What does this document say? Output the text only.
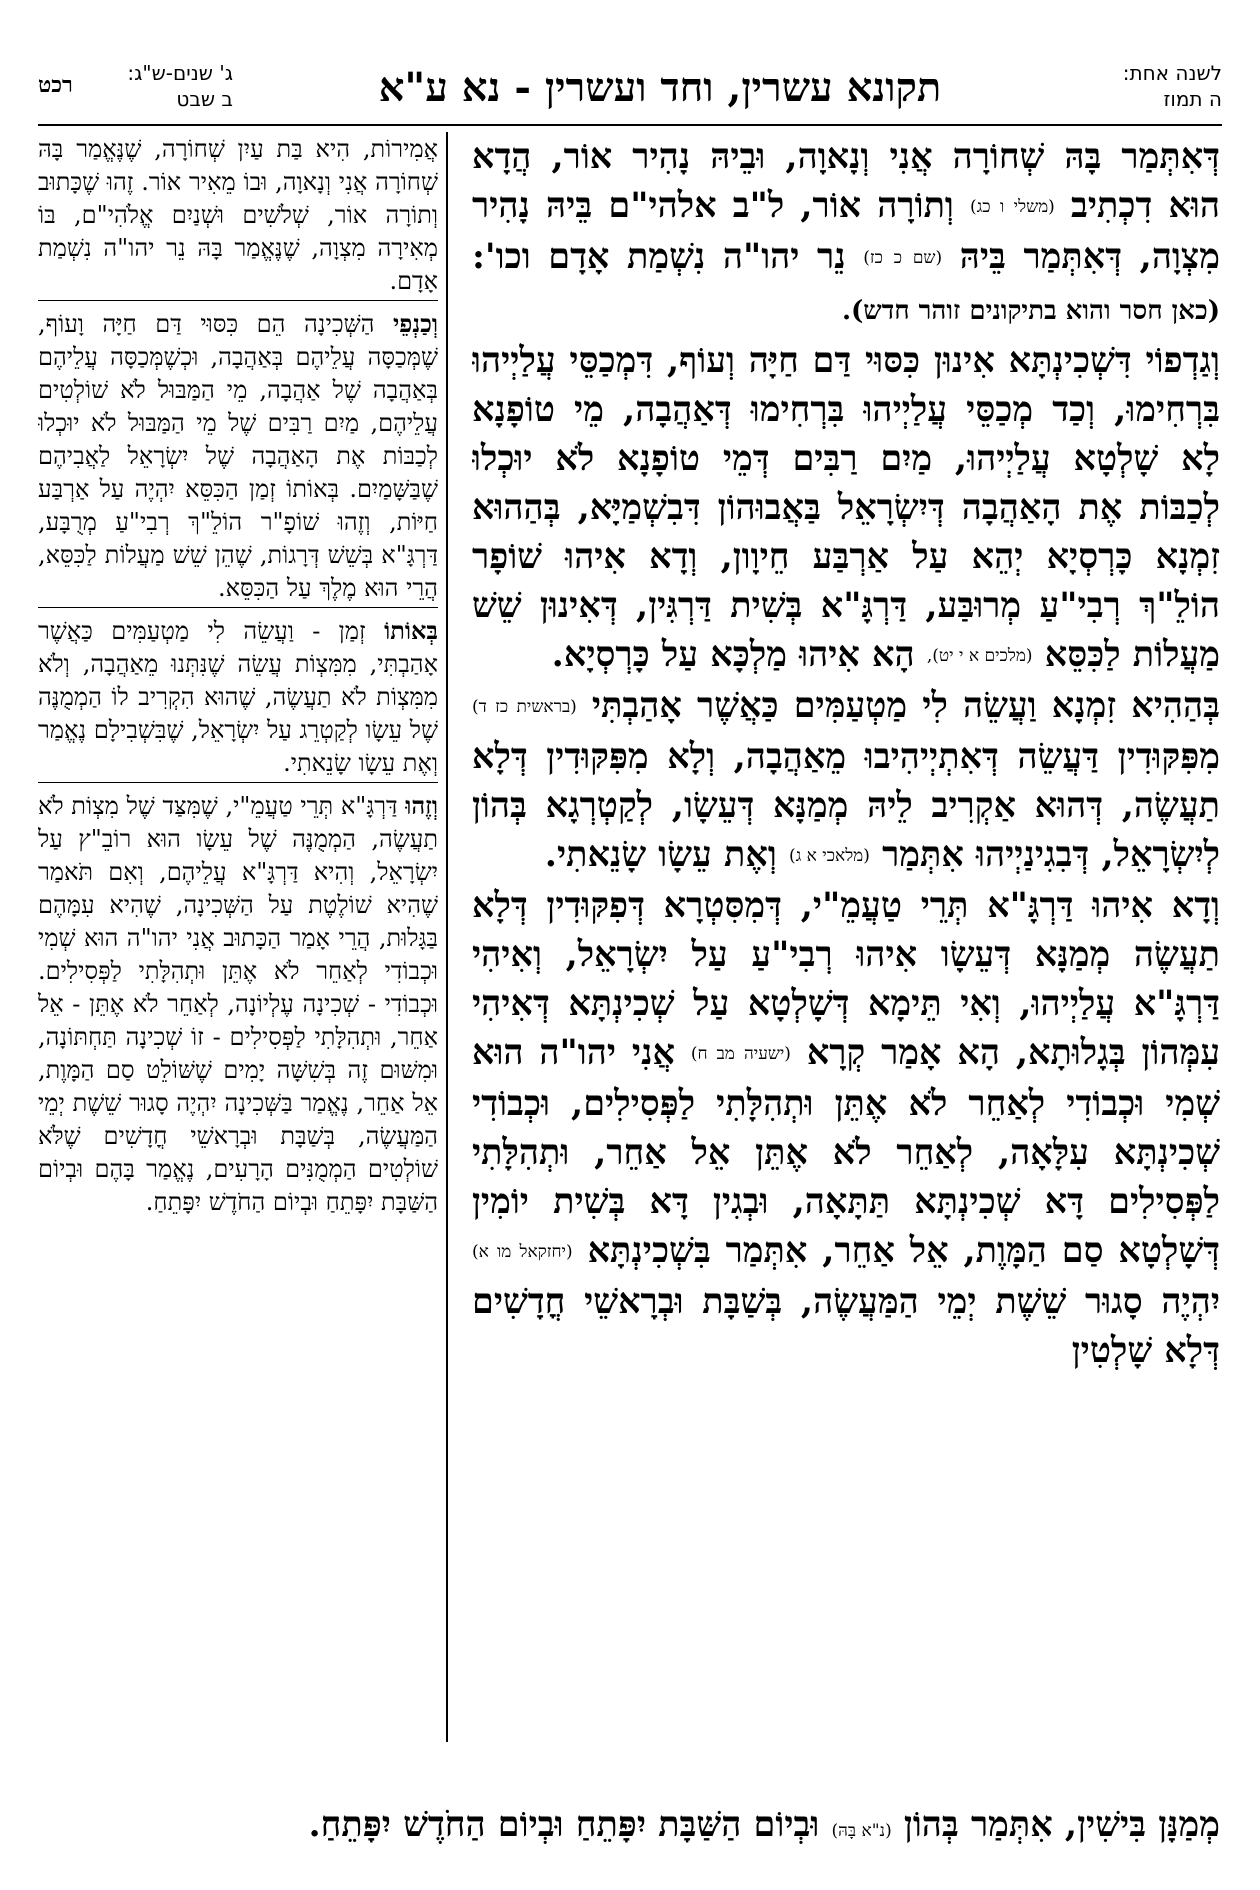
לשנה אחת:
ה תמוז
תקונא עשרין, וחד ועשרין - נא ע"א
ג' שנים-ש"ג:
ב שבט
רכט

דְּאִתְּמַר בָּהּ שְׁחוֹרָה אֲנִי וְנָאוָה, וּבֵיהּ נָהִיר אוֹר, הֲדָא הוּא דִכְתִיב (משלי ו כג) וְתוֹרָה אוֹר, ל"ב אלהי"ם בֵּיהּ נָהִיר מִצְוָה, דְּאִתְּמַר בֵּיהּ (שם כ כז) נֵר יהו"ה נִשְׁמַת אָדָם וכו': (כאן חסר והוא בתיקונים זוהר חדש).

וְגַדְפוֹי דִּשְׁכִינְתָּא אִינוּן כִּסּוּי דַּם חַיָּה וְעוֹף, דִּמְכַסֵּי עֲלַיְיהוּ בִּרְחִימוּ, וְכַד מְכַסֵּי עֲלַיְיהוּ בִּרְחִימוּ דְּאַהֲבָה, מֵי טוֹפָנָא לָא שָׁלְטָא עֲלַיְיהוּ, מַיִם רַבִּים דְּמֵי טוֹפָנָא לֹא יוּכְלוּ לְכַבּוֹת אֶת הָאַהֲבָה דְּיִשְׂרָאֵל בַּאֲבוּהוֹן דִּבִשְׁמַיָּא, בְּהַהוּא זִמְנָא כָּרְסְיָא יְהֵא עַל אַרְבַּע חֵיוָון, וְדָא אִיהוּ שׁוֹפָר הוֹלֵ"ךְ רְבִי"עַ מְרוּבַּע, דַּרְגָּ"א בְּשִׁית דַּרְגִּין, דְּאִינוּן שֵׁשׁ מַעֲלוֹת לַכִּסֵּא (מלכים א י יט), הָא אִיהוּ מַלְכָּא עַל כָּרְסְיָא.

בְּהַהִיא זִמְנָא וַעֲשֵׂה לִי מַטְעַמִּים כַּאֲשֶׁר אָהַבְתִּי (בראשית כז ד) מִפִּקּוּדִין דַּעֲשֵׂה דְּאִתְיְיהִיבוּ מֵאַהֲבָה, וְלָא מִפִּקּוּדִין דְּלָא תַעֲשֶׂה, דְּהוּא אַקְרִיב לֵיהּ מְמַנָּא דְּעֵשָׂו, לְקַטְרְגָא בְּהוֹן לְיִשְׂרָאֵל, דְּבִגִינַיְיהוּ אִתְּמַר (מלאכי א ג) וְאֶת עֵשָׂו שָׂנֵאתִי.

וְדָא אִיהוּ דַּרְגָּ"א תְּרֵי טַעֲמֵ"י, דְּמִסִּטְרָא דְּפִקּוּדִין דְּלָא תַעֲשֶׂה מְמַנָּא דְּעֵשָׂו אִיהוּ רְבִי"עַ עַל יִשְׂרָאֵל, וְאִיהִי דַּרְגָּ"א עֲלַיְיהוּ, וְאִי תֵּימָא דְּשָׁלְטָא עַל שְׁכִינְתָּא דְּאִיהִי עִמְּהוֹן בְּגָלוּתָא, הָא אָמַר קְרָא (ישעיה מב ח) אֲנִי יהו"ה הוּא שְׁמִי וּכְבוֹדִי לְאַחֵר לֹא אֶתֵּן וּתְהִלָּתִי לַפְּסִילִים, וּכְבוֹדִי שְׁכִינְתָּא עִלָּאָה, לְאַחֵר לֹא אֶתֵּן אֵל אַחֵר, וּתְהִלָּתִי לַפְּסִילִים דָּא שְׁכִינְתָּא תַּתָּאָה, וּבְגִין דָּא בְּשִׁית יוֹמִין דְּשָׁלְטָא סַם הַמָּוֶת, אֵל אַחֵר, אִתְּמַר בִּשְׁכִינְתָּא (יחזקאל מו א) יִהְיֶה סָגוּר שֵׁשֶׁת יְמֵי הַמַּעֲשֶׂה, בְּשַׁבָּת וּבְרָאשֵׁי חֳדָשִׁים דְּלָא שָׁלְטִין

אֲמִירוֹת, הִיא בַּת עַיִן שְׁחוֹרָה, שֶׁנֶּאֱמַר בָּהּ שְׁחוֹרָה אֲנִי וְנָאוָה, וּבוֹ מֵאִיר אוֹר. זֶהוּ שֶׁכָּתוּב וְתוֹרָה אוֹר, שְׁלֹשִׁים וּשְׁנַיִם אֱלֹהִי"ם, בּוֹ מְאִירָה מִצְוָה, שֶׁנֶּאֱמַר בָּהּ נֵר יהו"ה נִשְׁמַת אָדָם.

וְכַנְפֵי הַשְּׁכִינָה הֵם כִּסּוּי דַּם חַיָּה וָעוֹף, שֶׁמְּכַסָּה עֲלֵיהֶם בְּאַהֲבָה, וּכְשֶׁמְּכַסָּה עֲלֵיהֶם בְּאַהֲבָה שֶׁל אַהֲבָה, מֵי הַמַּבּוּל לֹא שׁוֹלְטִים עֲלֵיהֶם, מַיִם רַבִּים שֶׁל מֵי הַמַּבּוּל לֹא יוּכְלוּ לְכַבּוֹת אֶת הָאַהֲבָה שֶׁל יִשְׂרָאֵל לַאֲבִיהֶם שֶׁבַּשָּׁמַיִם. בְּאוֹתוֹ זְמַן הַכִּסֵּא יִהְיֶה עַל אַרְבַּע חַיּוֹת, וְזֶהוּ שׁוֹפָ"ר הוֹלֵ"ךְ רְבִי"עַ מְרֻבָּע, דַּרְגָּ"א בְּשֵׁשׁ דְּרָגוֹת, שֶׁהֵן שֵׁשׁ מַעֲלוֹת לַכִּסֵּא, הֲרֵי הוּא מֶלֶךְ עַל הַכִּסֵּא.

בְּאוֹתוֹ זְמַן - וַעֲשֵׂה לִי מַטְעַמִּים כַּאֲשֶׁר אָהַבְתִּי, מִמִּצְוֹת עֲשֵׂה שֶׁנִּתְּנוּ מֵאַהֲבָה, וְלֹא מִמִּצְוֹת לֹא תַעֲשֶׂה, שֶׁהוּא הִקְרִיב לוֹ הַמְמֻנֶּה שֶׁל עֵשָׂו לְקַטְרֵג עַל יִשְׂרָאֵל, שֶׁבִּשְׁבִילָם נֶאֱמַר וְאֶת עֵשָׂו שָׂנֵאתִי.

וְזֶהוּ דַּרְגָּ"א תְּרֵי טַעֲמֵ"י, שֶׁמִּצַּד שֶׁל מִצְוֹת לֹא תַעֲשֶׂה, הַמְמֻנֶּה שֶׁל עֵשָׂו הוּא רוֹבֵ"ץ עַל יִשְׂרָאֵל, וְהִיא דַּרְגָּ"א עֲלֵיהֶם, וְאִם תֹּאמַר שֶׁהִיא שׁוֹלֶטֶת עַל הַשְּׁכִינָה, שֶׁהִיא עִמָּהֶם בַּגָּלוּת, הֲרֵי אָמַר הַכָּתוּב אֲנִי יהו"ה הוּא שְׁמִי וּכְבוֹדִי לְאַחֵר לֹא אֶתֵּן וּתְהִלָּתִי לַפְּסִילִים. וּכְבוֹדִי - שְׁכִינָה עֶלְיוֹנָה, לְאַחֵר לֹא אֶתֵּן - אֵל אַחֵר, וּתְהִלָּתִי לַפְּסִילִים - זוֹ שְׁכִינָה תַּחְתּוֹנָה, וּמִשּׁוּם זֶה בְּשִׁשָּׁה יָמִים שֶׁשּׁוֹלֵט סַם הַמָּוֶת, אֵל אַחֵר, נֶאֱמַר בַּשְּׁכִינָה יִהְיֶה סָגוּר שֵׁשֶׁת יְמֵי הַמַּעֲשֶׂה, בְּשַׁבָּת וּבְרָאשֵׁי חֳדָשִׁים שֶׁלֹּא שׁוֹלְטִים הַמְמֻנִּים הָרָעִים, נֶאֱמַר בָּהֶם וּבְיוֹם הַשַּׁבָּת יִפָּתֵחַ וּבְיוֹם הַחֹדֶשׁ יִפָּתֵחַ.

מְמַנָּן בִּישִׁין, אִתְּמַר בְּהוֹן (נ"א בָּהּ) וּבְיוֹם הַשַּׁבָּת יִפָּתֵחַ וּבְיוֹם הַחֹדֶשׁ יִפָּתֵחַ.
